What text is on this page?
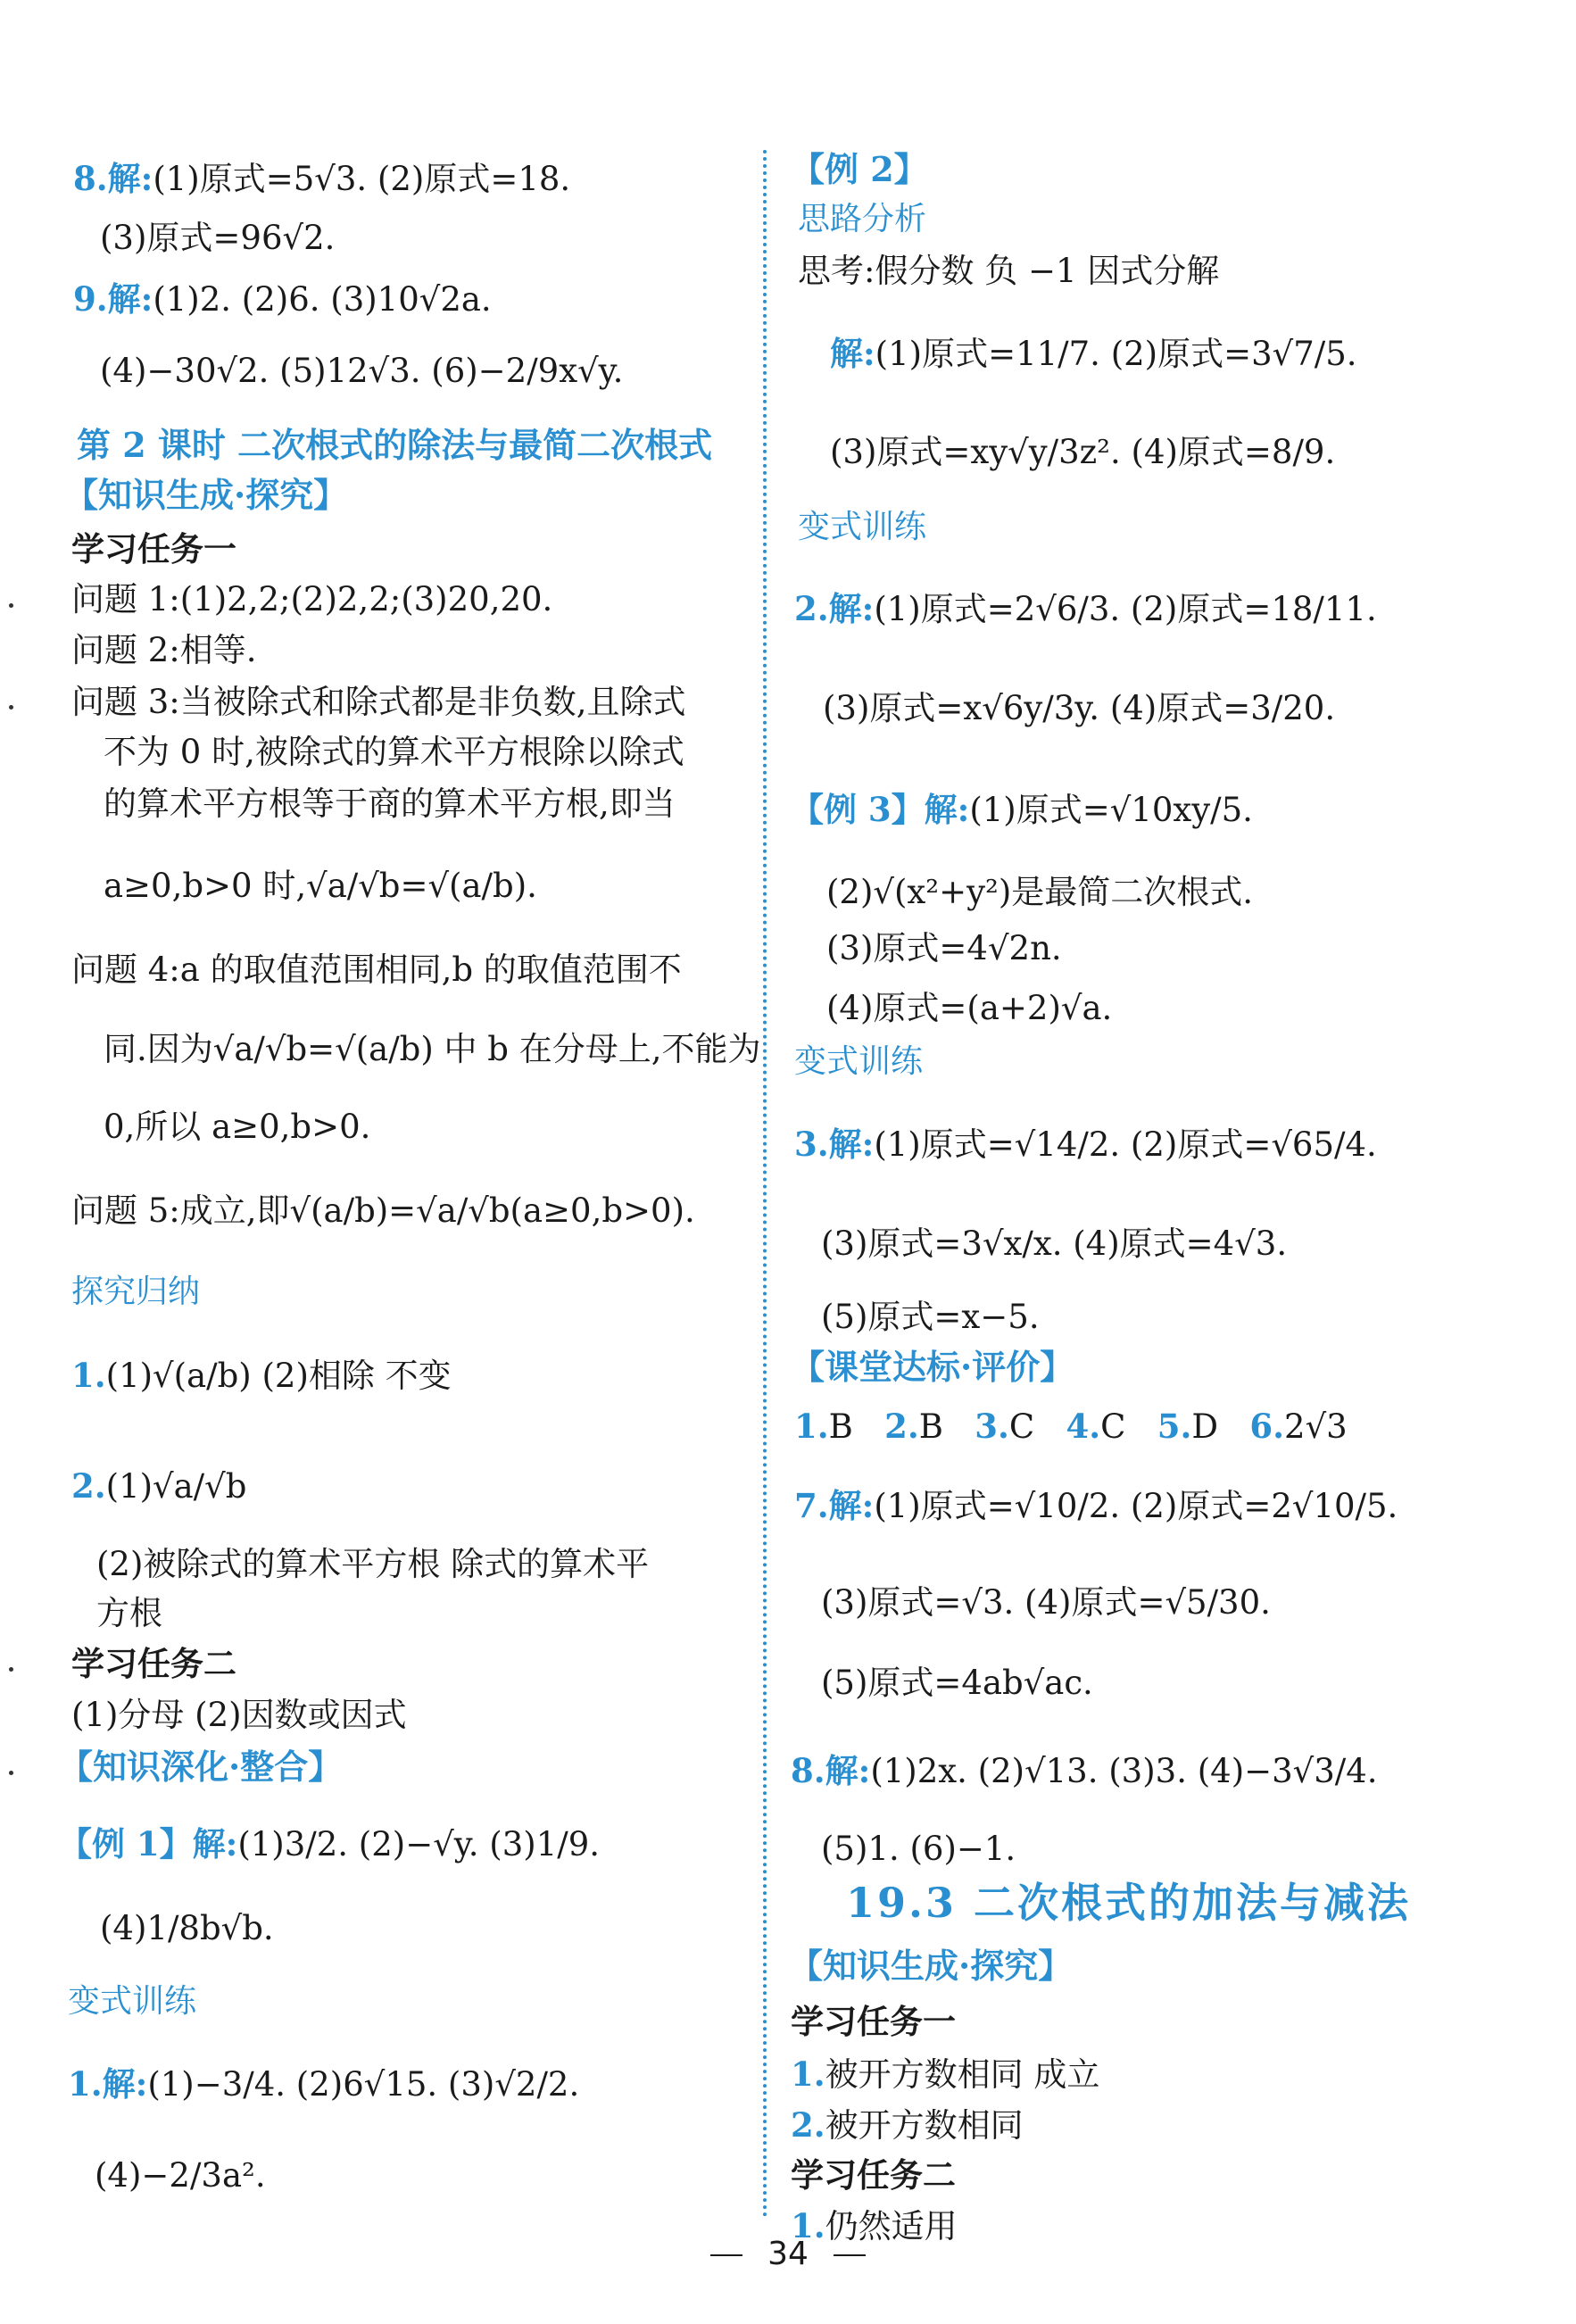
8.解:(1)原式=5√3. (2)原式=18.
(3)原式=96√2.
9.解:(1)2. (2)6. (3)10√2a.
(4)−30√2. (5)12√3. (6)−2/9x√y.
第 2 课时 二次根式的除法与最简二次根式
【知识生成·探究】
学习任务一
问题 1:(1)2,2;(2)2,2;(3)20,20.
问题 2:相等.
问题 3:当被除式和除式都是非负数,且除式
不为 0 时,被除式的算术平方根除以除式
的算术平方根等于商的算术平方根,即当
a≥0,b>0 时,√a/√b=√(a/b).
问题 4:a 的取值范围相同,b 的取值范围不
同.因为√a/√b=√(a/b) 中 b 在分母上,不能为
0,所以 a≥0,b>0.
问题 5:成立,即√(a/b)=√a/√b(a≥0,b>0).
探究归纳
1.(1)√(a/b) (2)相除 不变
2.(1)√a/√b
(2)被除式的算术平方根 除式的算术平
方根
学习任务二
(1)分母 (2)因数或因式
【知识深化·整合】
【例 1】解:(1)3/2. (2)−√y. (3)1/9.
(4)1/8b√b.
变式训练
1.解:(1)−3/4. (2)6√15. (3)√2/2.
(4)−2/3a².
【例 2】
思路分析
思考:假分数 负 −1 因式分解
解:(1)原式=11/7. (2)原式=3√7/5.
(3)原式=xy√y/3z². (4)原式=8/9.
变式训练
2.解:(1)原式=2√6/3. (2)原式=18/11.
(3)原式=x√6y/3y. (4)原式=3/20.
【例 3】解:(1)原式=√10xy/5.
(2)√(x²+y²)是最简二次根式.
(3)原式=4√2n.
(4)原式=(a+2)√a.
变式训练
3.解:(1)原式=√14/2. (2)原式=√65/4.
(3)原式=3√x/x. (4)原式=4√3.
(5)原式=x−5.
【课堂达标·评价】
1.B 2.B 3.C 4.C 5.D 6.2√3
7.解:(1)原式=√10/2. (2)原式=2√10/5.
(3)原式=√3. (4)原式=√5/30.
(5)原式=4ab√ac.
8.解:(1)2x. (2)√13. (3)3. (4)−3√3/4.
(5)1. (6)−1.
19.3 二次根式的加法与减法
【知识生成·探究】
学习任务一
1.被开方数相同 成立
2.被开方数相同
学习任务二
1.仍然适用
34
